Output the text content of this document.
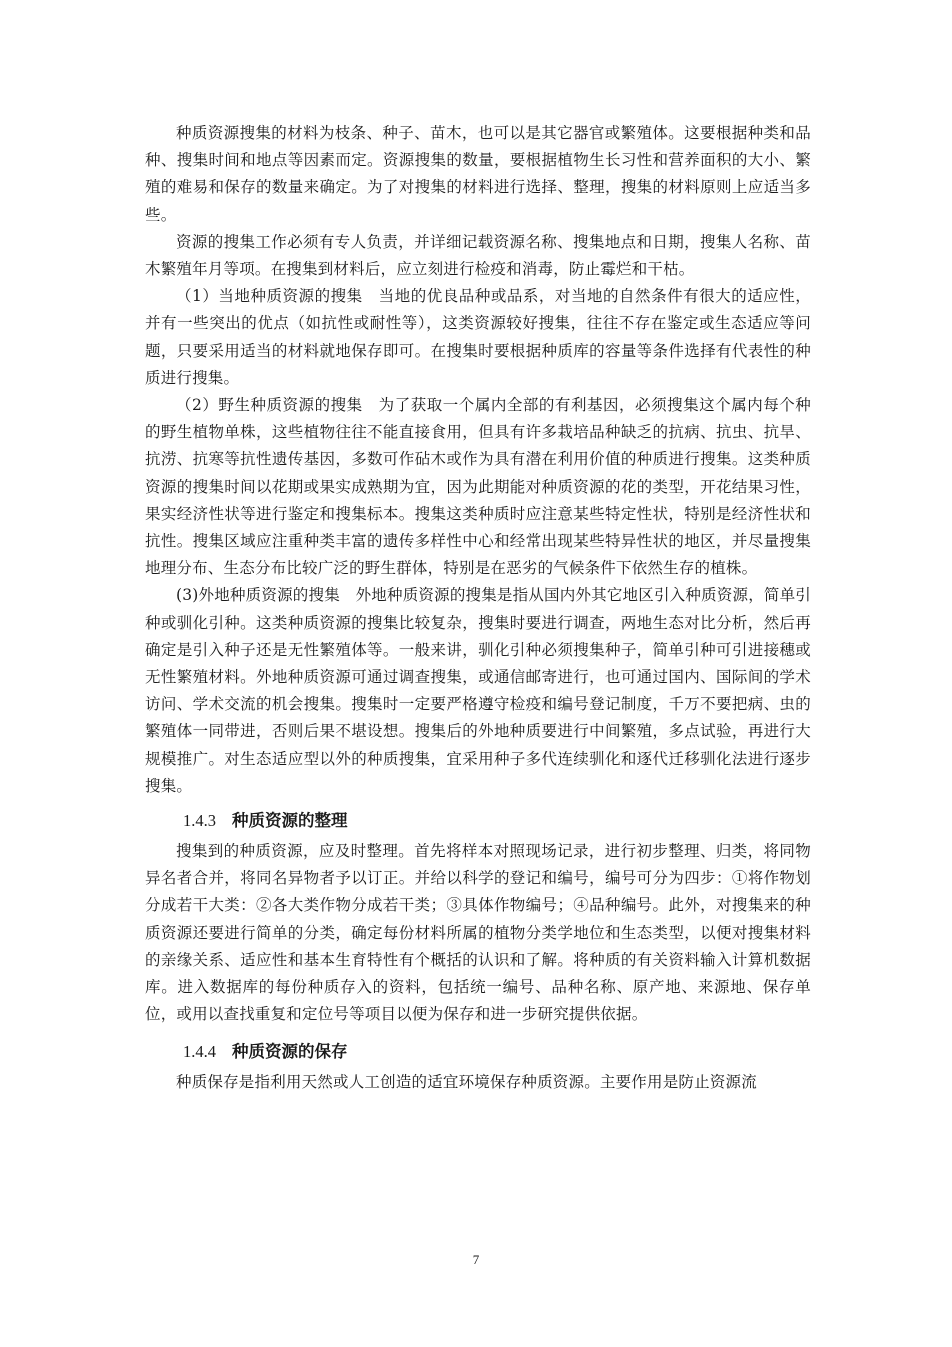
种质资源搜集的材料为枝条、种子、苗木，也可以是其它器官或繁殖体。这要根据种类和品种、搜集时间和地点等因素而定。资源搜集的数量，要根据植物生长习性和营养面积的大小、繁殖的难易和保存的数量来确定。为了对搜集的材料进行选择、整理，搜集的材料原则上应适当多些。

资源的搜集工作必须有专人负责，并详细记载资源名称、搜集地点和日期，搜集人名称、苗木繁殖年月等项。在搜集到材料后，应立刻进行检疫和消毒，防止霉烂和干枯。

（1）当地种质资源的搜集　当地的优良品种或品系，对当地的自然条件有很大的适应性，并有一些突出的优点（如抗性或耐性等），这类资源较好搜集，往往不存在鉴定或生态适应等问题，只要采用适当的材料就地保存即可。在搜集时要根据种质库的容量等条件选择有代表性的种质进行搜集。

（2）野生种质资源的搜集　为了获取一个属内全部的有利基因，必须搜集这个属内每个种的野生植物单株，这些植物往往不能直接食用，但具有许多栽培品种缺乏的抗病、抗虫、抗旱、抗涝、抗寒等抗性遗传基因，多数可作砧木或作为具有潜在利用价值的种质进行搜集。这类种质资源的搜集时间以花期或果实成熟期为宜，因为此期能对种质资源的花的类型，开花结果习性，果实经济性状等进行鉴定和搜集标本。搜集这类种质时应注意某些特定性状，特别是经济性状和抗性。搜集区域应注重种类丰富的遗传多样性中心和经常出现某些特异性状的地区，并尽量搜集地理分布、生态分布比较广泛的野生群体，特别是在恶劣的气候条件下依然生存的植株。

(3)外地种质资源的搜集　外地种质资源的搜集是指从国内外其它地区引入种质资源，简单引种或驯化引种。这类种质资源的搜集比较复杂，搜集时要进行调查，两地生态对比分析，然后再确定是引入种子还是无性繁殖体等。一般来讲，驯化引种必须搜集种子，简单引种可引进接穗或无性繁殖材料。外地种质资源可通过调查搜集，或通信邮寄进行，也可通过国内、国际间的学术访问、学术交流的机会搜集。搜集时一定要严格遵守检疫和编号登记制度，千万不要把病、虫的繁殖体一同带进，否则后果不堪设想。搜集后的外地种质要进行中间繁殖，多点试验，再进行大规模推广。对生态适应型以外的种质搜集，宜采用种子多代连续驯化和逐代迁移驯化法进行逐步搜集。

1.4.3 种质资源的整理

搜集到的种质资源，应及时整理。首先将样本对照现场记录，进行初步整理、归类，将同物异名者合并，将同名异物者予以订正。并给以科学的登记和编号，编号可分为四步：①将作物划分成若干大类：②各大类作物分成若干类；③具体作物编号；④品种编号。此外，对搜集来的种质资源还要进行简单的分类，确定每份材料所属的植物分类学地位和生态类型，以便对搜集材料的亲缘关系、适应性和基本生育特性有个概括的认识和了解。将种质的有关资料输入计算机数据库。进入数据库的每份种质存入的资料，包括统一编号、品种名称、原产地、来源地、保存单位，或用以查找重复和定位号等项目以便为保存和进一步研究提供依据。

1.4.4 种质资源的保存

种质保存是指利用天然或人工创造的适宜环境保存种质资源。主要作用是防止资源流

7
